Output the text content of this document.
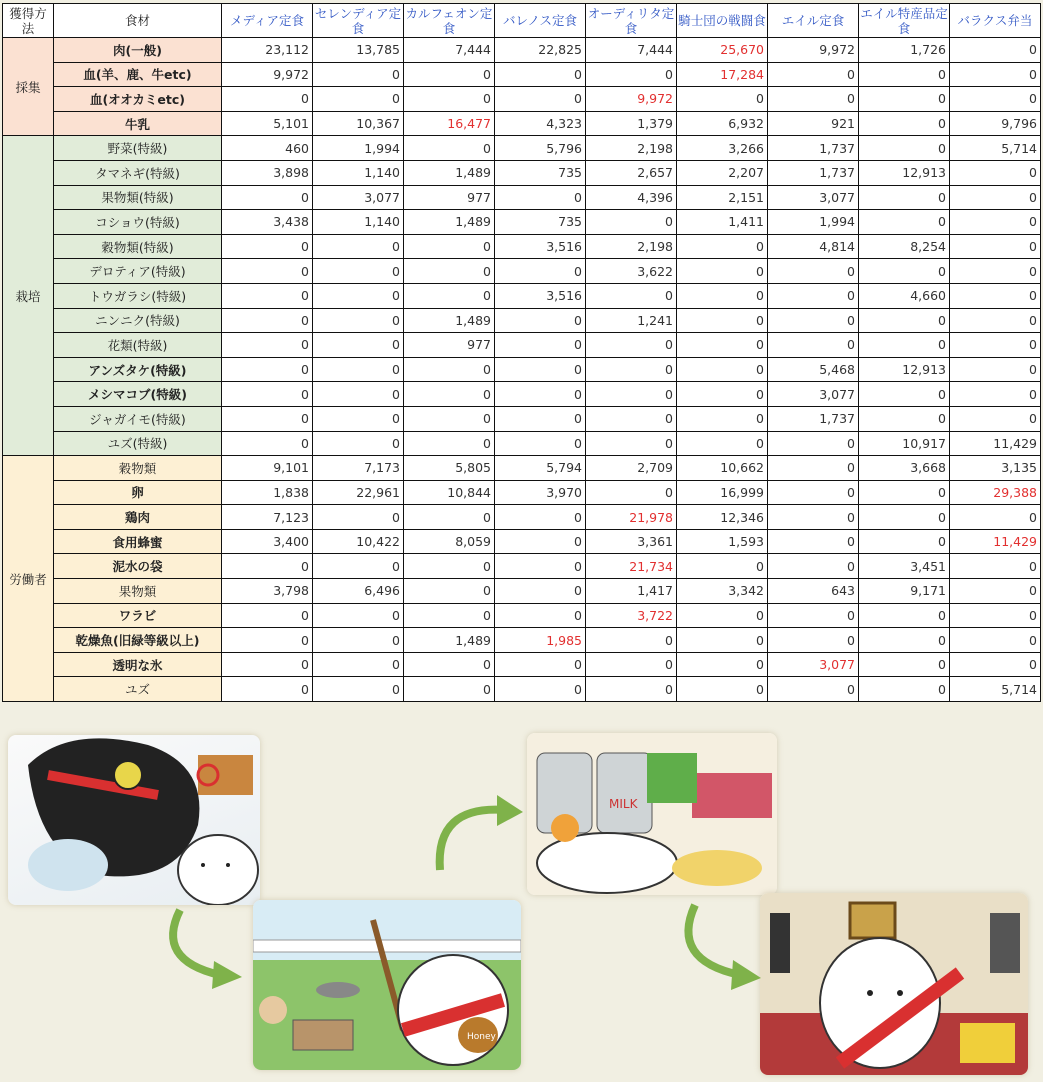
獲得方法	食材	メディア定食	セレンディア定食	カルフェオン定食	バレノス定食	オーディリタ定食	騎士団の戦闘食	エイル定食	エイル特産品定食	バラクス弁当
採集	肉(一般)	23,112	13,785	7,444	22,825	7,444	25,670	9,972	1,726	0
	血(羊、鹿、牛etc)	9,972	0	0	0	0	17,284	0	0	0
	血(オオカミetc)	0	0	0	0	9,972	0	0	0	0
	牛乳	5,101	10,367	16,477	4,323	1,379	6,932	921	0	9,796
栽培	野菜(特級)	460	1,994	0	5,796	2,198	3,266	1,737	0	5,714
	タマネギ(特級)	3,898	1,140	1,489	735	2,657	2,207	1,737	12,913	0
	果物類(特級)	0	3,077	977	0	4,396	2,151	3,077	0	0
	コショウ(特級)	3,438	1,140	1,489	735	0	1,411	1,994	0	0
	穀物類(特級)	0	0	0	3,516	2,198	0	4,814	8,254	0
	デロティア(特級)	0	0	0	0	3,622	0	0	0	0
	トウガラシ(特級)	0	0	0	3,516	0	0	0	4,660	0
	ニンニク(特級)	0	0	1,489	0	1,241	0	0	0	0
	花類(特級)	0	0	977	0	0	0	0	0	0
	アンズタケ(特級)	0	0	0	0	0	0	5,468	12,913	0
	メシマコブ(特級)	0	0	0	0	0	0	3,077	0	0
	ジャガイモ(特級)	0	0	0	0	0	0	1,737	0	0
	ユズ(特級)	0	0	0	0	0	0	0	10,917	11,429
労働者	穀物類	9,101	7,173	5,805	5,794	2,709	10,662	0	3,668	3,135
	卵	1,838	22,961	10,844	3,970	0	16,999	0	0	29,388
	鶏肉	7,123	0	0	0	21,978	12,346	0	0	0
	食用蜂蜜	3,400	10,422	8,059	0	3,361	1,593	0	0	11,429
	泥水の袋	0	0	0	0	21,734	0	0	3,451	0
	果物類	3,798	6,496	0	0	1,417	3,342	643	9,171	0
	ワラビ	0	0	0	0	3,722	0	0	0	0
	乾燥魚(旧緑等級以上)	0	0	1,489	1,985	0	0	0	0	0
	透明な氷	0	0	0	0	0	0	3,077	0	0
	ユズ	0	0	0	0	0	0	0	0	5,714
Honey
MILK
